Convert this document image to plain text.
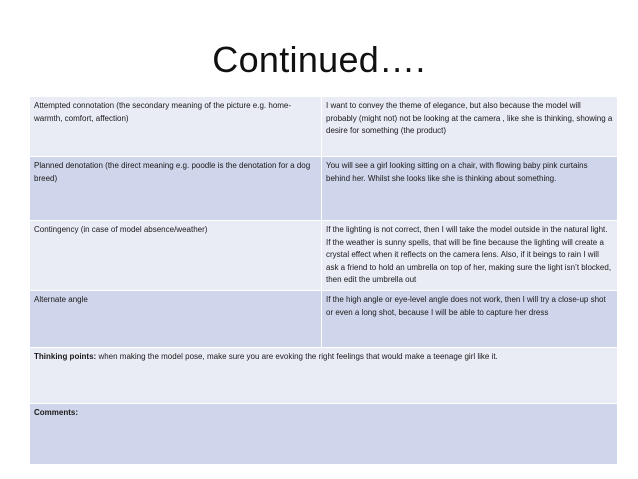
Continued….
Attempted connotation (the secondary meaning of the picture e.g. home- warmth, comfort, affection)	I want to convey the theme of elegance, but also because the model will probably (might not) not be looking at the camera , like she is thinking, showing a desire for something (the product)
Planned denotation (the direct meaning e.g. poodle is the denotation for a dog breed)	You will see a girl looking sitting on a chair, with flowing baby pink curtains behind her. Whilst she looks like she is thinking about something.
Contingency (in case of model absence/weather)	If the lighting is not correct, then I will take the model outside in the natural light.
If the weather is sunny spells, that will be fine because the lighting will create a crystal effect when it reflects on the camera lens. Also, if it beings to rain I will ask a friend to hold an umbrella on top of her, making sure the light isn’t blocked, then edit the umbrella out

Alternate angle	If the high angle or eye-level angle does not work, then I will try a close-up shot or even a long shot, because I will be able to capture her dress
Thinking points: when making the model pose, make sure you are evoking the right feelings that would make a teenage girl like it.	
Comments:	
